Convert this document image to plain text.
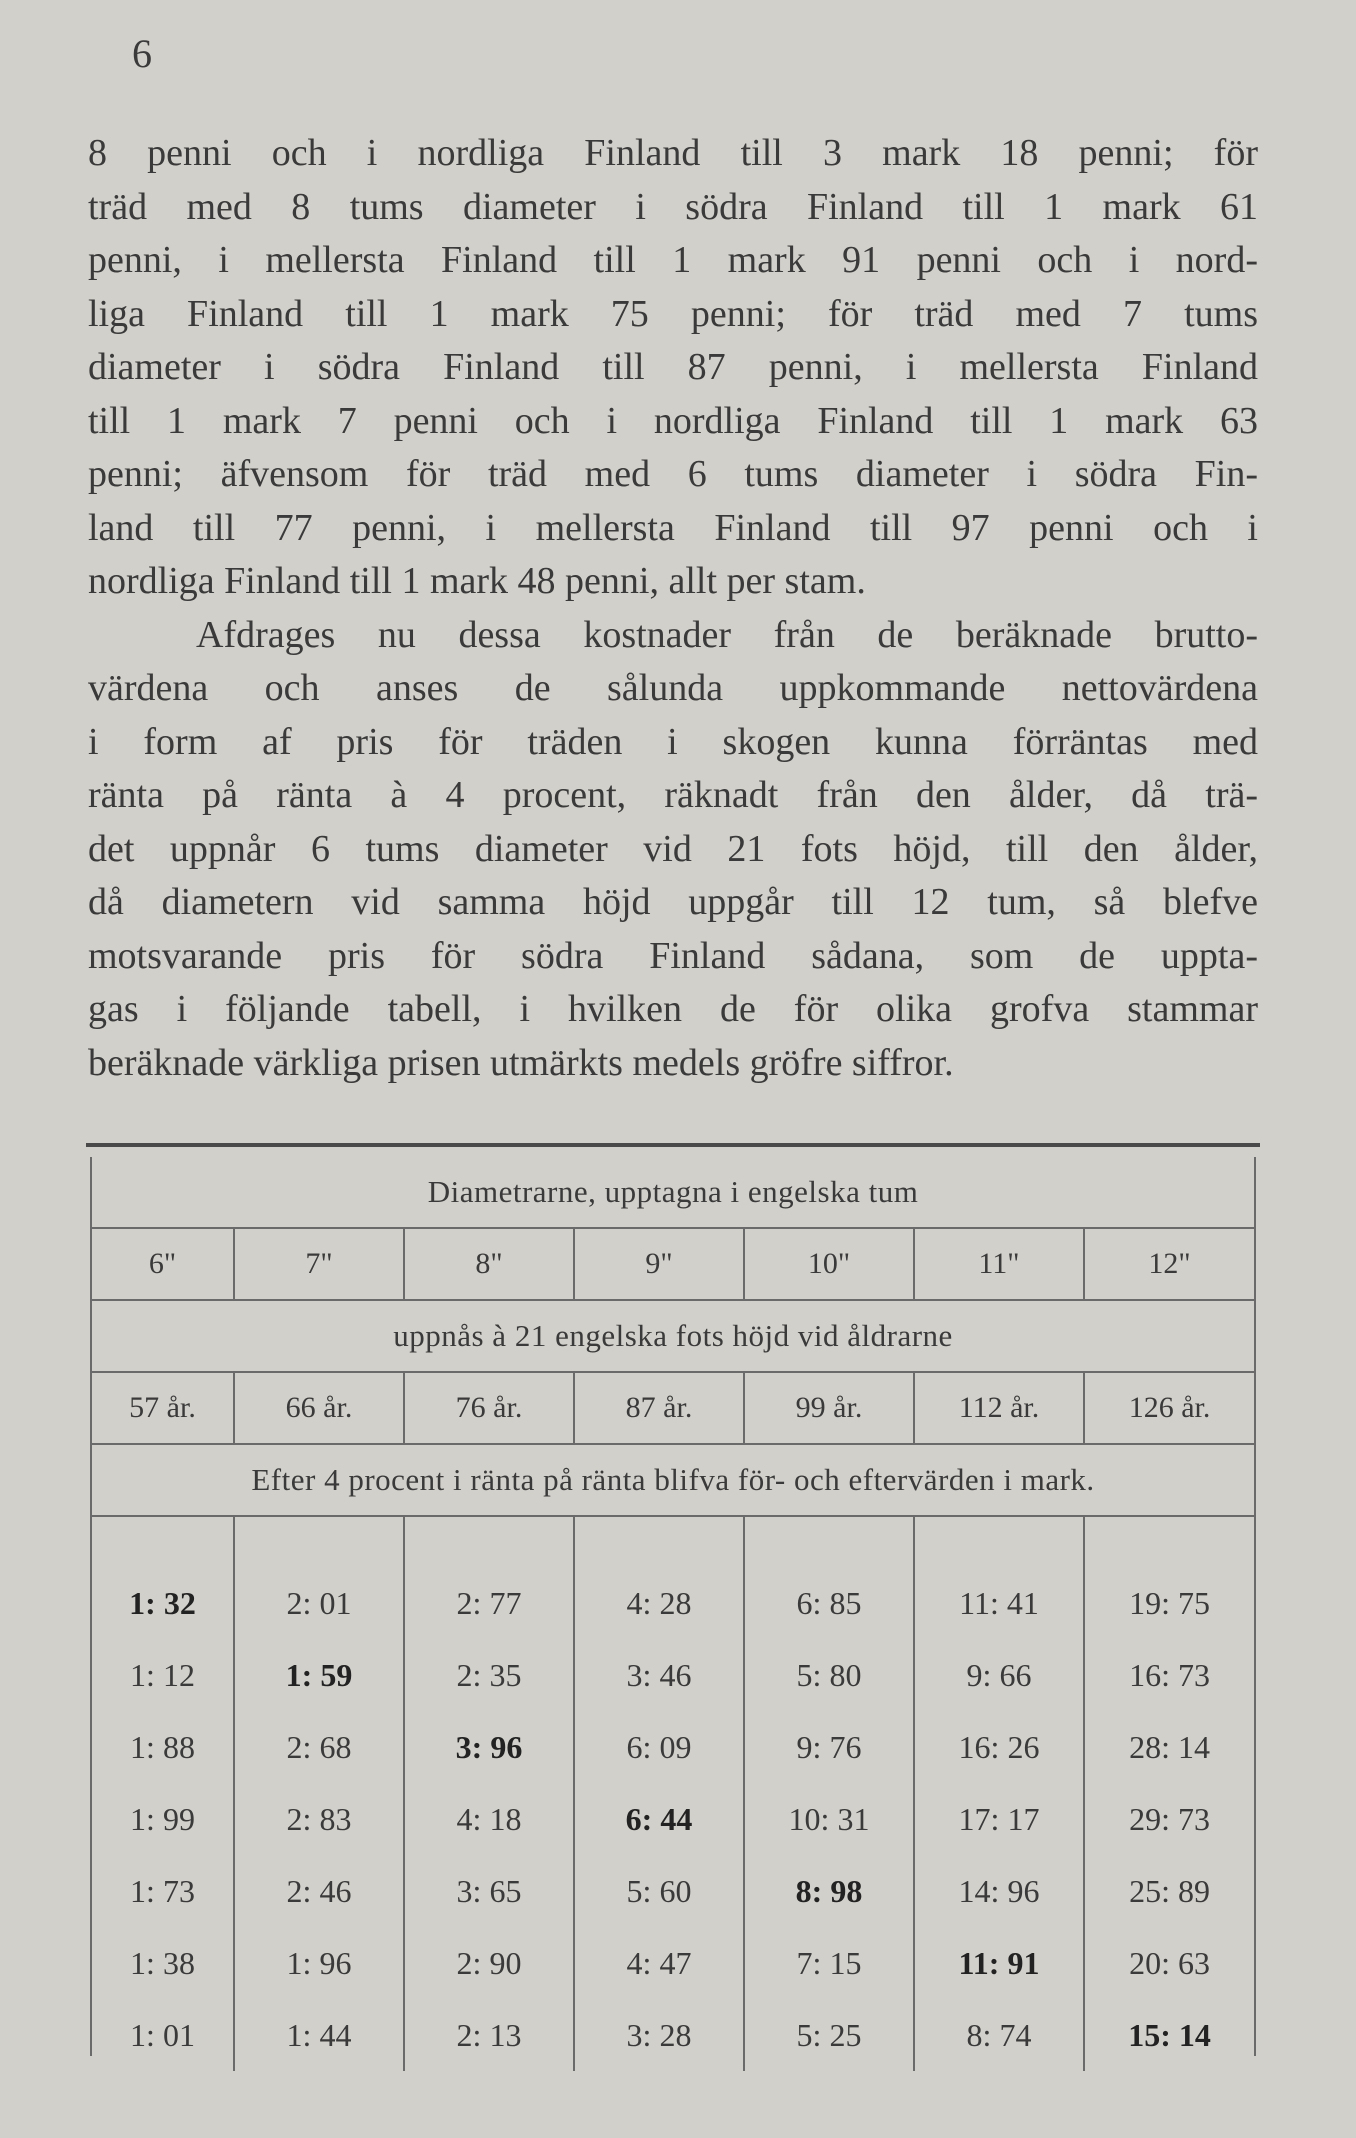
6
8 penni och i nordliga Finland till 3 mark 18 penni; för
träd med 8 tums diameter i södra Finland till 1 mark 61
penni, i mellersta Finland till 1 mark 91 penni och i nord-
liga Finland till 1 mark 75 penni; för träd med 7 tums
diameter i södra Finland till 87 penni, i mellersta Finland
till 1 mark 7 penni och i nordliga Finland till 1 mark 63
penni; äfvensom för träd med 6 tums diameter i södra Fin-
land till 77 penni, i mellersta Finland till 97 penni och i
nordliga Finland till 1 mark 48 penni, allt per stam.
Afdrages nu dessa kostnader från de beräknade brutto-
värdena och anses de sålunda uppkommande nettovärdena
i form af pris för träden i skogen kunna förräntas med
ränta på ränta à 4 procent, räknadt från den ålder, då trä-
det uppnår 6 tums diameter vid 21 fots höjd, till den ålder,
då diametern vid samma höjd uppgår till 12 tum, så blefve
motsvarande pris för södra Finland sådana, som de uppta-
gas i följande tabell, i hvilken de för olika grofva stammar
beräknade värkliga prisen utmärkts medels gröfre siffror.
Diametrarne, upptagna i engelska tum						
6"	7"	8"	9"	10"	11"	12"
uppnås à 21 engelska fots höjd vid åldrarne						
57 år.	66 år.	76 år.	87 år.	99 år.	112 år.	126 år.
Efter 4 procent i ränta på ränta blifva för- och eftervärden i mark.						
1: 32	2: 01	2: 77	4: 28	6: 85	11: 41	19: 75
1: 12	1: 59	2: 35	3: 46	5: 80	9: 66	16: 73
1: 88	2: 68	3: 96	6: 09	9: 76	16: 26	28: 14
1: 99	2: 83	4: 18	6: 44	10: 31	17: 17	29: 73
1: 73	2: 46	3: 65	5: 60	8: 98	14: 96	25: 89
1: 38	1: 96	2: 90	4: 47	7: 15	11: 91	20: 63
1: 01	1: 44	2: 13	3: 28	5: 25	8: 74	15: 14
